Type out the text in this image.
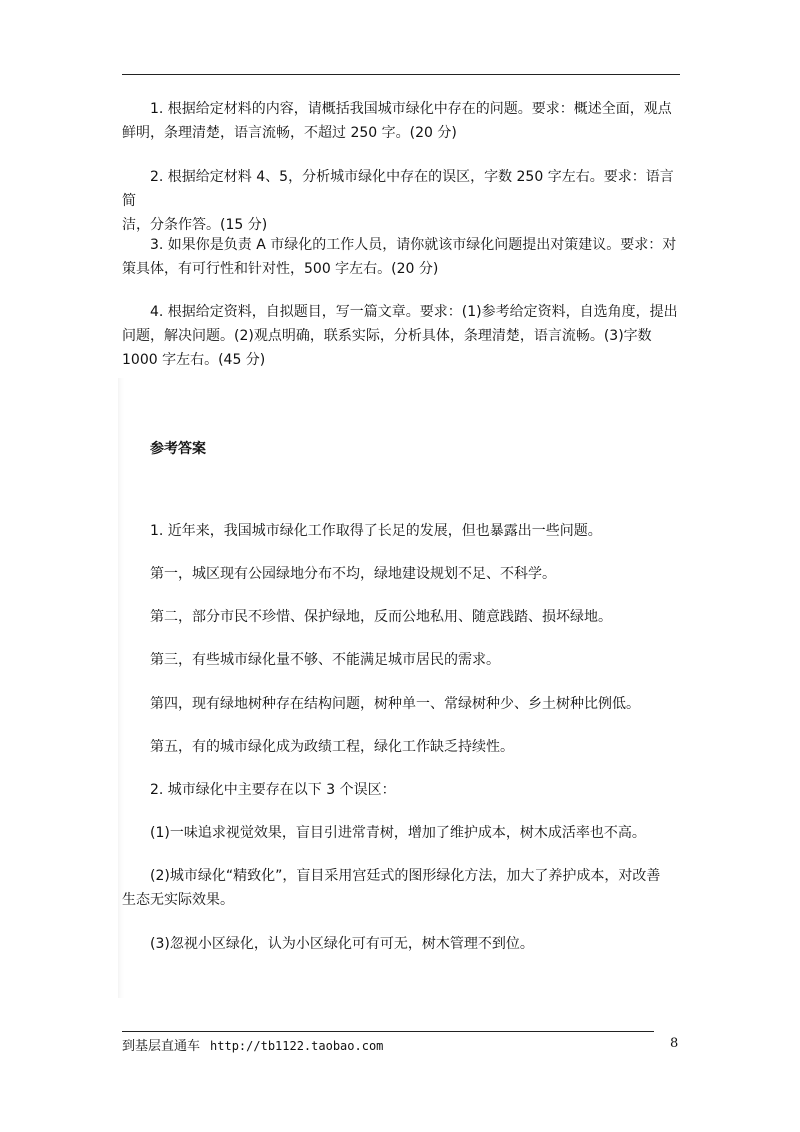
1. 根据给定材料的内容，请概括我国城市绿化中存在的问题。要求：概述全面，观点
鲜明，条理清楚，语言流畅，不超过 250 字。(20 分)

2. 根据给定材料 4、5，分析城市绿化中存在的误区，字数 250 字左右。要求：语言简
洁，分条作答。(15 分)

3. 如果你是负责 A 市绿化的工作人员，请你就该市绿化问题提出对策建议。要求：对
策具体，有可行性和针对性，500 字左右。(20 分)

4. 根据给定资料，自拟题目，写一篇文章。要求：(1)参考给定资料，自选角度，提出
问题，解决问题。(2)观点明确，联系实际，分析具体，条理清楚，语言流畅。(3)字数
1000 字左右。(45 分)

参考答案

1. 近年来，我国城市绿化工作取得了长足的发展，但也暴露出一些问题。

第一，城区现有公园绿地分布不均，绿地建设规划不足、不科学。

第二，部分市民不珍惜、保护绿地，反而公地私用、随意践踏、损坏绿地。

第三，有些城市绿化量不够、不能满足城市居民的需求。

第四，现有绿地树种存在结构问题，树种单一、常绿树种少、乡土树种比例低。

第五，有的城市绿化成为政绩工程，绿化工作缺乏持续性。

2. 城市绿化中主要存在以下 3 个误区：

(1)一味追求视觉效果，盲目引进常青树，增加了维护成本，树木成活率也不高。

(2)城市绿化“精致化”，盲目采用宫廷式的图形绿化方法，加大了养护成本，对改善
生态无实际效果。

(3)忽视小区绿化，认为小区绿化可有可无，树木管理不到位。

到基层直通车 http://tb1122.taobao.com	8
